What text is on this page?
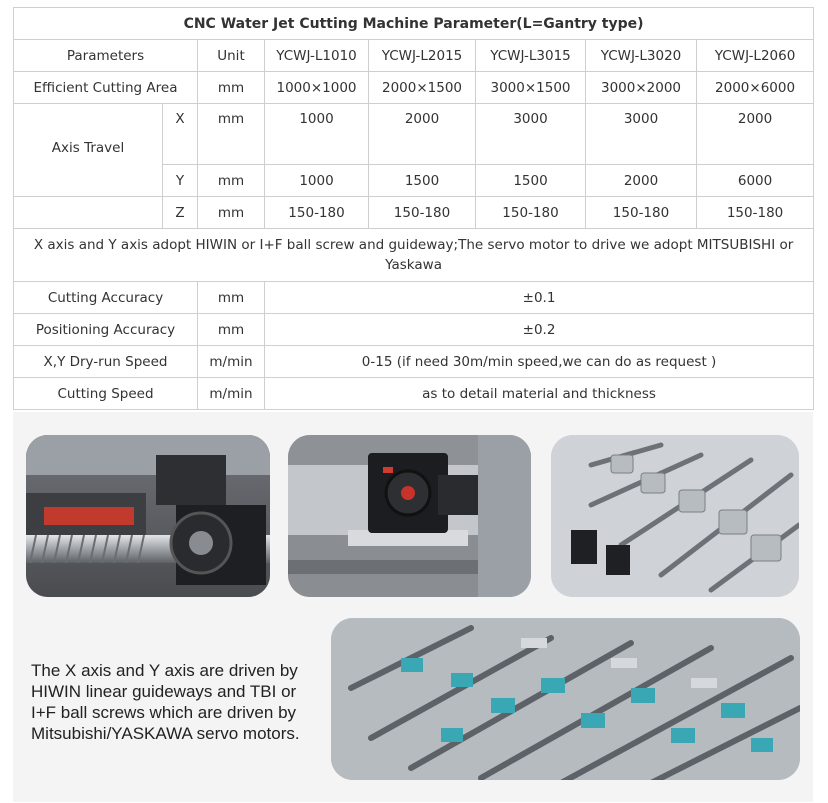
CNC Water Jet Cutting Machine Parameter(L=Gantry type)							
Parameters		Unit	YCWJ-L1010	YCWJ-L2015	YCWJ-L3015	YCWJ-L3020	YCWJ-L2060
Efficient Cutting Area		mm	1000×1000	2000×1500	3000×1500	3000×2000	2000×6000
Axis Travel	X	mm	1000	2000	3000	3000	2000
	Y	mm	1000	1500	1500	2000	6000
	Z	mm	150-180	150-180	150-180	150-180	150-180
X axis and Y axis adopt HIWIN or I+F ball screw and guideway;The servo motor to drive we adopt MITSUBISHI or Yaskawa							
Cutting Accuracy		mm	±0.1				
Positioning Accuracy		mm	±0.2				
X,Y Dry-run Speed		m/min	0-15 (if need 30m/min speed,we can do as request )				
Cutting Speed		m/min	as to detail material and thickness				

The X axis and Y axis are driven by HIWIN linear guideways and TBI or I+F ball screws which are driven by Mitsubishi/YASKAWA servo motors.
